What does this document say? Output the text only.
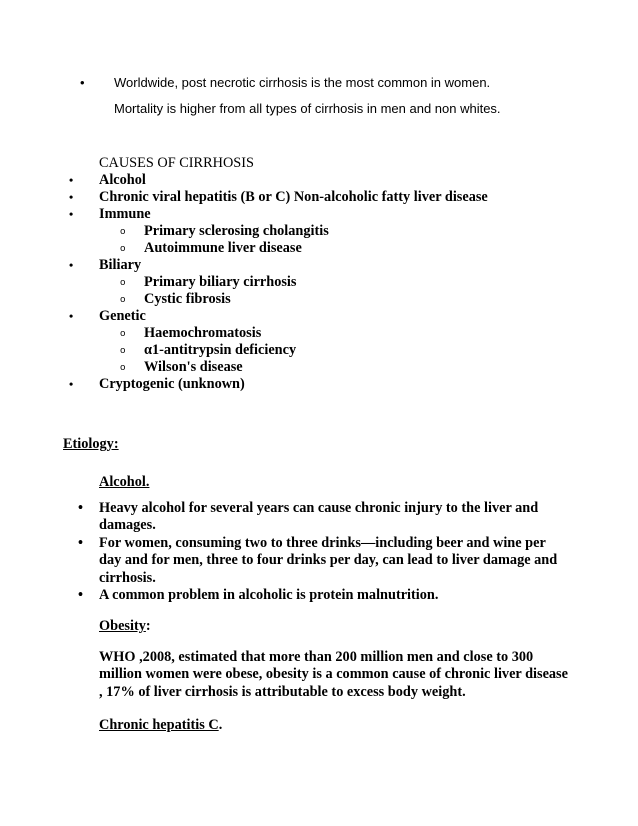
• Worldwide, post necrotic cirrhosis is the most common in women.
Mortality is higher from all types of cirrhosis in men and non whites.
CAUSES OF CIRRHOSIS
• Alcohol
• Chronic viral hepatitis (B or C) Non-alcoholic fatty liver disease
• Immune
o Primary sclerosing cholangitis
o Autoimmune liver disease
• Biliary
o Primary biliary cirrhosis
o Cystic fibrosis
• Genetic
o Haemochromatosis
o α1-antitrypsin deficiency
o Wilson's disease
• Cryptogenic (unknown)
Etiology:
Alcohol.
• Heavy alcohol for several years can cause chronic injury to the liver and damages.
• For women, consuming two to three drinks—including beer and wine per day and for men, three to four drinks per day, can lead to liver damage and cirrhosis.
• A common problem in alcoholic is protein malnutrition.
Obesity:
WHO ,2008, estimated that more than 200 million men and close to 300 million women were obese, obesity is a common cause of chronic liver disease , 17% of liver cirrhosis is attributable to excess body weight.
Chronic hepatitis C.
